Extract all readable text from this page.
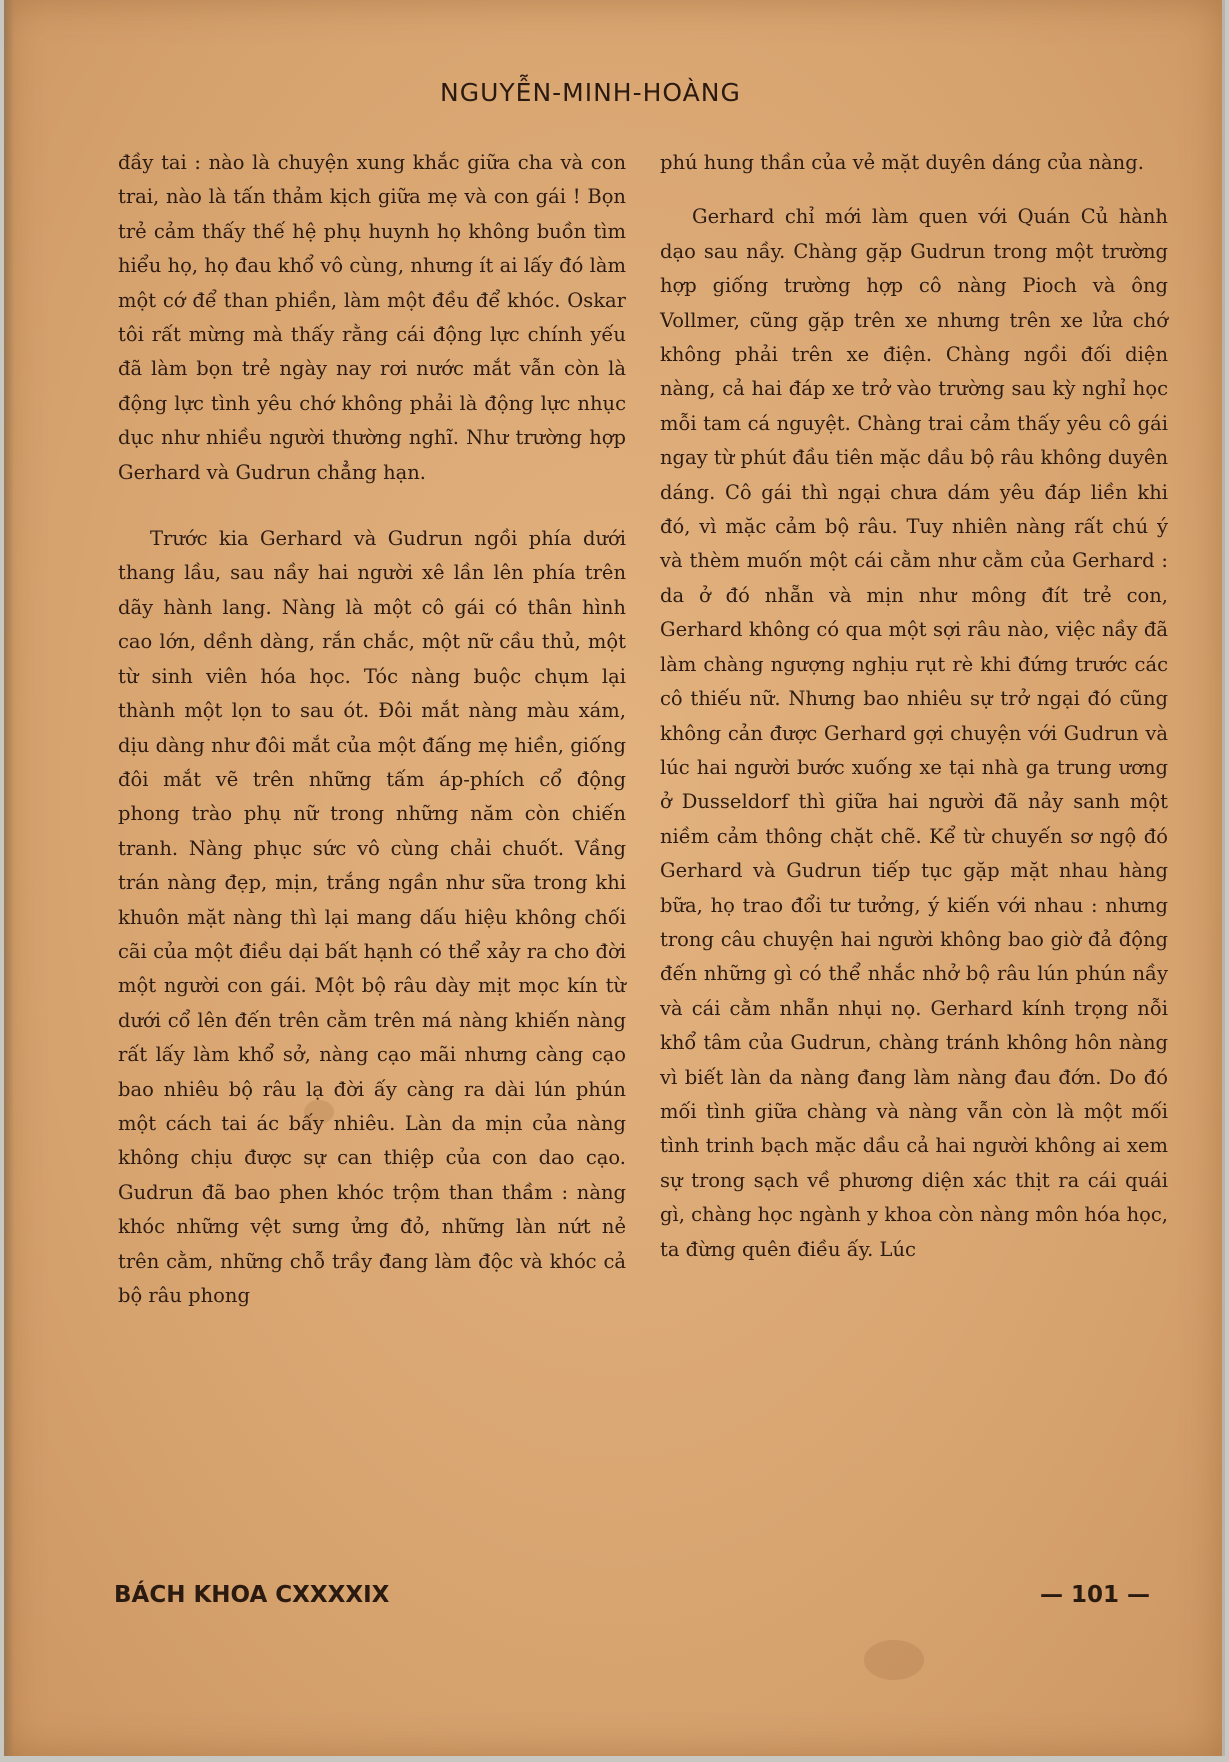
NGUYỄN-MINH-HOÀNG

đầy tai : nào là chuyện xung khắc giữa cha và con trai, nào là tấn thảm kịch giữa mẹ và con gái ! Bọn trẻ cảm thấy thế hệ phụ huynh họ không buồn tìm hiểu họ, họ đau khổ vô cùng, nhưng ít ai lấy đó làm một cớ để than phiền, làm một đều để khóc. Oskar tôi rất mừng mà thấy rằng cái động lực chính yếu đã làm bọn trẻ ngày nay rơi nước mắt vẫn còn là động lực tình yêu chớ không phải là động lực nhục dục như nhiều người thường nghĩ. Như trường hợp Gerhard và Gudrun chẳng hạn.

Trước kia Gerhard và Gudrun ngồi phía dưới thang lầu, sau nầy hai người xê lần lên phía trên dãy hành lang. Nàng là một cô gái có thân hình cao lớn, dềnh dàng, rắn chắc, một nữ cầu thủ, một từ sinh viên hóa học. Tóc nàng buộc chụm lại thành một lọn to sau ót. Đôi mắt nàng màu xám, dịu dàng như đôi mắt của một đấng mẹ hiền, giống đôi mắt vẽ trên những tấm áp-phích cổ động phong trào phụ nữ trong những năm còn chiến tranh. Nàng phục sức vô cùng chải chuốt. Vầng trán nàng đẹp, mịn, trắng ngần như sữa trong khi khuôn mặt nàng thì lại mang dấu hiệu không chối cãi của một điều dại bất hạnh có thể xảy ra cho đời một người con gái. Một bộ râu dày mịt mọc kín từ dưới cổ lên đến trên cằm trên má nàng khiến nàng rất lấy làm khổ sở, nàng cạo mãi nhưng càng cạo bao nhiêu bộ râu lạ đời ấy càng ra dài lún phún một cách tai ác bấy nhiêu. Làn da mịn của nàng không chịu được sự can thiệp của con dao cạo. Gudrun đã bao phen khóc trộm than thầm : nàng khóc những vệt sưng ửng đỏ, những làn nứt nẻ trên cằm, những chỗ trầy đang làm độc và khóc cả bộ râu phong

phú hung thần của vẻ mặt duyên dáng của nàng.

Gerhard chỉ mới làm quen với Quán Củ hành dạo sau nầy. Chàng gặp Gudrun trong một trường hợp giống trường hợp cô nàng Pioch và ông Vollmer, cũng gặp trên xe nhưng trên xe lửa chớ không phải trên xe điện. Chàng ngồi đối diện nàng, cả hai đáp xe trở vào trường sau kỳ nghỉ học mỗi tam cá nguyệt. Chàng trai cảm thấy yêu cô gái ngay từ phút đầu tiên mặc dầu bộ râu không duyên dáng. Cô gái thì ngại chưa dám yêu đáp liền khi đó, vì mặc cảm bộ râu. Tuy nhiên nàng rất chú ý và thèm muốn một cái cằm như cằm của Gerhard : da ở đó nhẵn và mịn như mông đít trẻ con, Gerhard không có qua một sợi râu nào, việc nầy đã làm chàng ngượng nghịu rụt rè khi đứng trước các cô thiếu nữ. Nhưng bao nhiêu sự trở ngại đó cũng không cản được Gerhard gợi chuyện với Gudrun và lúc hai người bước xuống xe tại nhà ga trung ương ở Dusseldorf thì giữa hai người đã nảy sanh một niềm cảm thông chặt chẽ. Kể từ chuyến sơ ngộ đó Gerhard và Gudrun tiếp tục gặp mặt nhau hàng bữa, họ trao đổi tư tưởng, ý kiến với nhau : nhưng trong câu chuyện hai người không bao giờ đả động đến những gì có thể nhắc nhở bộ râu lún phún nầy và cái cằm nhẵn nhụi nọ. Gerhard kính trọng nỗi khổ tâm của Gudrun, chàng tránh không hôn nàng vì biết làn da nàng đang làm nàng đau đớn. Do đó mối tình giữa chàng và nàng vẫn còn là một mối tình trinh bạch mặc dầu cả hai người không ai xem sự trong sạch về phương diện xác thịt ra cái quái gì, chàng học ngành y khoa còn nàng môn hóa học, ta đừng quên điều ấy. Lúc

BÁCH KHOA CXXXXIX	— 101 —
